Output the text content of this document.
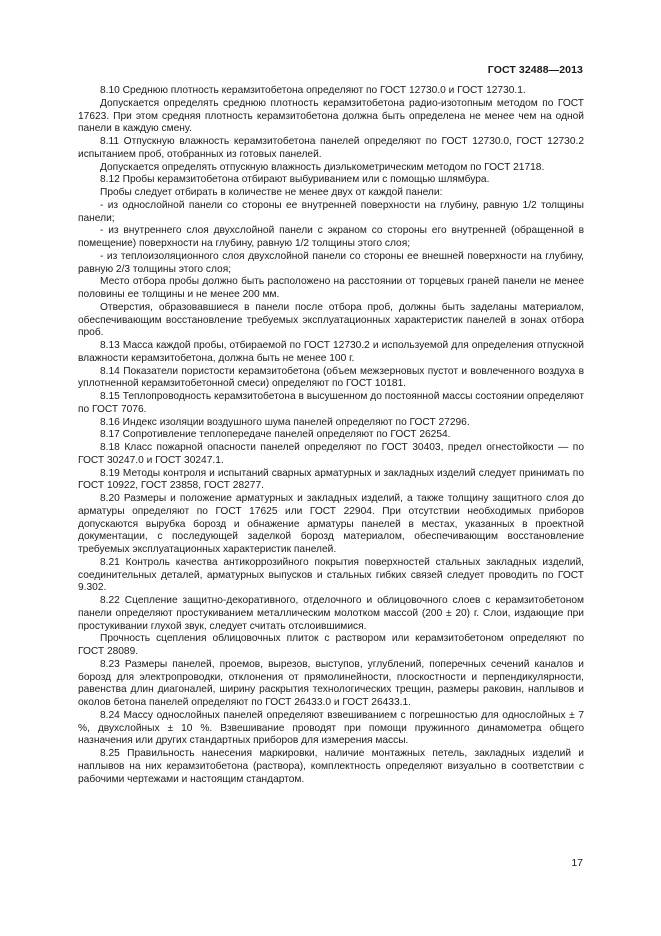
ГОСТ 32488—2013

8.10 Среднюю плотность керамзитобетона определяют по ГОСТ 12730.0 и ГОСТ 12730.1.

Допускается определять среднюю плотность керамзитобетона радио-изотопным методом по ГОСТ 17623. При этом средняя плотность керамзитобетона должна быть определена не менее чем на одной панели в каждую смену.

8.11 Отпускную влажность керамзитобетона панелей определяют по ГОСТ 12730.0, ГОСТ 12730.2 испытанием проб, отобранных из готовых панелей.

Допускается определять отпускную влажность диэлькометрическим методом по ГОСТ 21718.

8.12 Пробы керамзитобетона отбирают выбуриванием или с помощью шлямбура.

Пробы следует отбирать в количестве не менее двух от каждой панели:

- из однослойной панели со стороны ее внутренней поверхности на глубину, равную 1/2 толщины панели;

- из внутреннего слоя двухслойной панели с экраном со стороны его внутренней (обращенной в помещение) поверхности на глубину, равную 1/2 толщины этого слоя;

- из теплоизоляционного слоя двухслойной панели со стороны ее внешней поверхности на глубину, равную 2/3 толщины этого слоя;

Место отбора пробы должно быть расположено на расстоянии от торцевых граней панели не менее половины ее толщины и не менее 200 мм.

Отверстия, образовавшиеся в панели после отбора проб, должны быть заделаны материалом, обеспечивающим восстановление требуемых эксплуатационных характеристик панелей в зонах отбора проб.

8.13 Масса каждой пробы, отбираемой по ГОСТ 12730.2 и используемой для определения отпускной влажности керамзитобетона, должна быть не менее 100 г.

8.14 Показатели пористости керамзитобетона (объем межзерновых пустот и вовлеченного воздуха в уплотненной керамзитобетонной смеси) определяют по ГОСТ 10181.

8.15 Теплопроводность керамзитобетона в высушенном до постоянной массы состоянии определяют по ГОСТ 7076.

8.16 Индекс изоляции воздушного шума панелей определяют по ГОСТ 27296.

8.17 Сопротивление теплопередаче панелей определяют по ГОСТ 26254.

8.18 Класс пожарной опасности панелей определяют по ГОСТ 30403, предел огнестойкости — по ГОСТ 30247.0 и ГОСТ 30247.1.

8.19 Методы контроля и испытаний сварных арматурных и закладных изделий следует принимать по ГОСТ 10922, ГОСТ 23858, ГОСТ 28277.

8.20 Размеры и положение арматурных и закладных изделий, а также толщину защитного слоя до арматуры определяют по ГОСТ 17625 или ГОСТ 22904. При отсутствии необходимых приборов допускаются вырубка борозд и обнажение арматуры панелей в местах, указанных в проектной документации, с последующей заделкой борозд материалом, обеспечивающим восстановление требуемых эксплуатационных характеристик панелей.

8.21 Контроль качества антикоррозийного покрытия поверхностей стальных закладных изделий, соединительных деталей, арматурных выпусков и стальных гибких связей следует проводить по ГОСТ 9.302.

8.22 Сцепление защитно-декоративного, отделочного и облицовочного слоев с керамзитобетоном панели определяют простукиванием металлическим молотком массой (200 ± 20) г. Слои, издающие при простукивании глухой звук, следует считать отслоившимися.

Прочность сцепления облицовочных плиток с раствором или керамзитобетоном определяют по ГОСТ 28089.

8.23 Размеры панелей, проемов, вырезов, выступов, углублений, поперечных сечений каналов и борозд для электропроводки, отклонения от прямолинейности, плоскостности и перпендикулярности, равенства длин диагоналей, ширину раскрытия технологических трещин, размеры раковин, наплывов и околов бетона панелей определяют по ГОСТ 26433.0 и ГОСТ 26433.1.

8.24 Массу однослойных панелей определяют взвешиванием с погрешностью для однослойных ± 7 %, двухслойных ± 10 %. Взвешивание проводят при помощи пружинного динамометра общего назначения или других стандартных приборов для измерения массы.

8.25 Правильность нанесения маркировки, наличие монтажных петель, закладных изделий и наплывов на них керамзитобетона (раствора), комплектность определяют визуально в соответствии с рабочими чертежами и настоящим стандартом.

17
